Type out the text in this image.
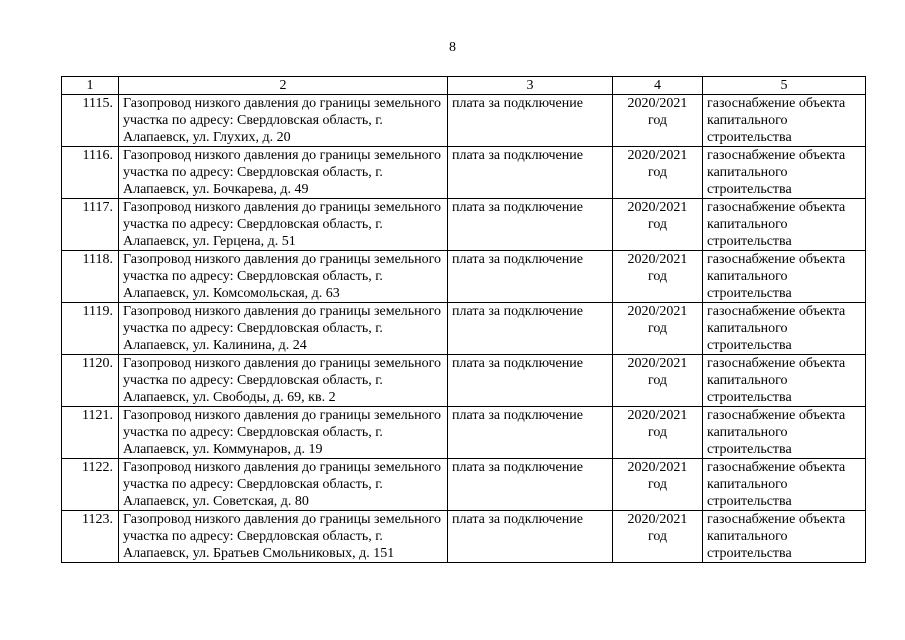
8
1	2	3	4	5
1115.	Газопровод низкого давления до границы земельного участка по адресу: Свердловская область, г. Алапаевск, ул. Глухих, д. 20	плата за подключение	2020/2021 год	газоснабжение объекта капитального строительства
1116.	Газопровод низкого давления до границы земельного участка по адресу: Свердловская область, г. Алапаевск, ул. Бочкарева, д. 49	плата за подключение	2020/2021 год	газоснабжение объекта капитального строительства
1117.	Газопровод низкого давления до границы земельного участка по адресу: Свердловская область, г. Алапаевск, ул. Герцена, д. 51	плата за подключение	2020/2021 год	газоснабжение объекта капитального строительства
1118.	Газопровод низкого давления до границы земельного участка по адресу: Свердловская область, г. Алапаевск, ул. Комсомольская, д. 63	плата за подключение	2020/2021 год	газоснабжение объекта капитального строительства
1119.	Газопровод низкого давления до границы земельного участка по адресу: Свердловская область, г. Алапаевск, ул. Калинина, д. 24	плата за подключение	2020/2021 год	газоснабжение объекта капитального строительства
1120.	Газопровод низкого давления до границы земельного участка по адресу: Свердловская область, г. Алапаевск, ул. Свободы, д. 69, кв. 2	плата за подключение	2020/2021 год	газоснабжение объекта капитального строительства
1121.	Газопровод низкого давления до границы земельного участка по адресу: Свердловская область, г. Алапаевск, ул. Коммунаров, д. 19	плата за подключение	2020/2021 год	газоснабжение объекта капитального строительства
1122.	Газопровод низкого давления до границы земельного участка по адресу: Свердловская область, г. Алапаевск, ул. Советская, д. 80	плата за подключение	2020/2021 год	газоснабжение объекта капитального строительства
1123.	Газопровод низкого давления до границы земельного участка по адресу: Свердловская область, г. Алапаевск, ул. Братьев Смольниковых, д. 151	плата за подключение	2020/2021 год	газоснабжение объекта капитального строительства
